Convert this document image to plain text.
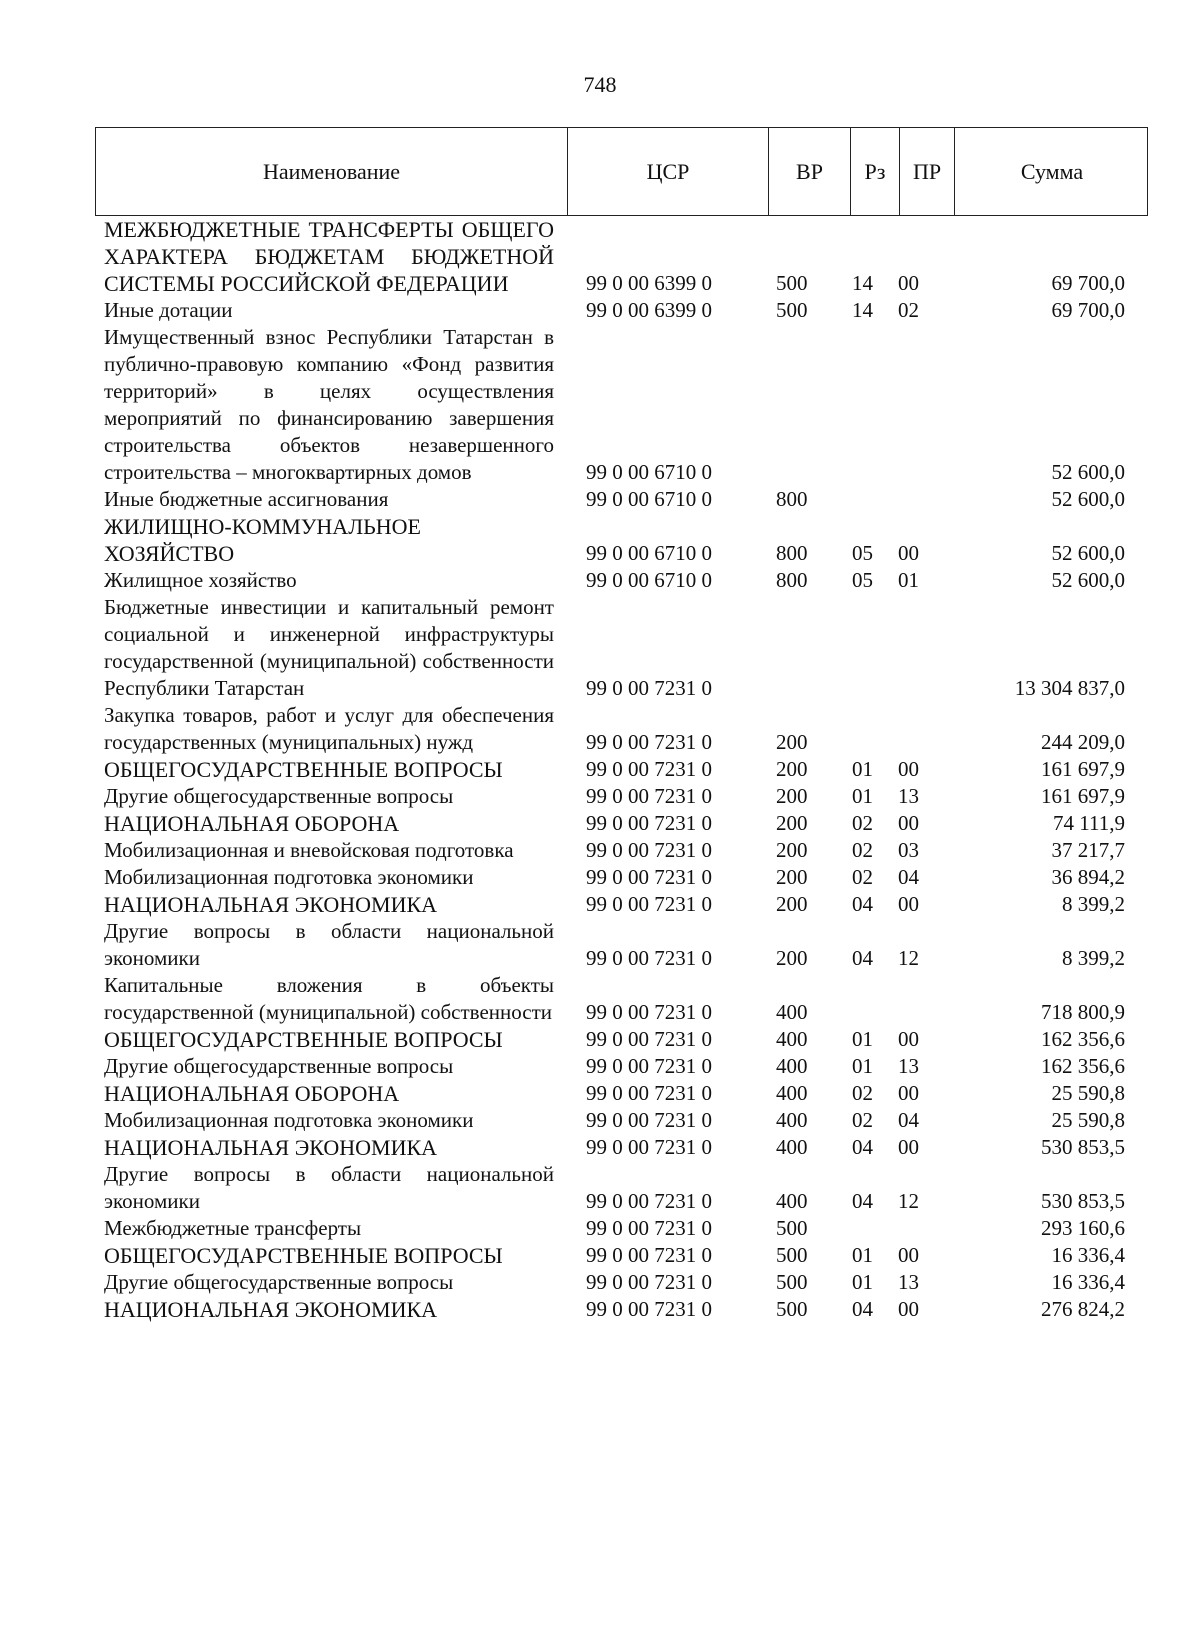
748
Наименование	ЦСР	ВР	Рз	ПР	Сумма
МЕЖБЮДЖЕТНЫЕ ТРАНСФЕРТЫ ОБЩЕГО ХАРАКТЕРА БЮДЖЕТАМ БЮДЖЕТНОЙ СИСТЕМЫ РОССИЙСКОЙ ФЕДЕРАЦИИ	99 0 00 6399 0	500 14 00	69 700,0
Иные дотации	99 0 00 6399 0	500 14 02	69 700,0
Имущественный взнос Республики Татарстан в публично-правовую компанию «Фонд развития территорий» в целях осуществления мероприятий по финансированию завершения строительства объектов незавершенного строительства – многоквартирных домов	99 0 00 6710 0	52 600,0
Иные бюджетные ассигнования	99 0 00 6710 0	800	52 600,0
ЖИЛИЩНО-КОММУНАЛЬНОЕ ХОЗЯЙСТВО	99 0 00 6710 0	800 05 00	52 600,0
Жилищное хозяйство	99 0 00 6710 0	800 05 01	52 600,0
Бюджетные инвестиции и капитальный ремонт социальной и инженерной инфраструктуры государственной (муниципальной) собственности Республики Татарстан	99 0 00 7231 0	13 304 837,0
Закупка товаров, работ и услуг для обеспечения государственных (муниципальных) нужд	99 0 00 7231 0	200	244 209,0
ОБЩЕГОСУДАРСТВЕННЫЕ ВОПРОСЫ	99 0 00 7231 0	200 01 00	161 697,9
Другие общегосударственные вопросы	99 0 00 7231 0	200 01 13	161 697,9
НАЦИОНАЛЬНАЯ ОБОРОНА	99 0 00 7231 0	200 02 00	74 111,9
Мобилизационная и вневойсковая подготовка	99 0 00 7231 0	200 02 03	37 217,7
Мобилизационная подготовка экономики	99 0 00 7231 0	200 02 04	36 894,2
НАЦИОНАЛЬНАЯ ЭКОНОМИКА	99 0 00 7231 0	200 04 00	8 399,2
Другие вопросы в области национальной экономики	99 0 00 7231 0	200 04 12	8 399,2
Капитальные вложения в объекты государственной (муниципальной) собственности 99 0 00 7231 0	400	718 800,9
ОБЩЕГОСУДАРСТВЕННЫЕ ВОПРОСЫ	99 0 00 7231 0	400 01 00	162 356,6
Другие общегосударственные вопросы	99 0 00 7231 0	400 01 13	162 356,6
НАЦИОНАЛЬНАЯ ОБОРОНА	99 0 00 7231 0	400 02 00	25 590,8
Мобилизационная подготовка экономики	99 0 00 7231 0	400 02 04	25 590,8
НАЦИОНАЛЬНАЯ ЭКОНОМИКА	99 0 00 7231 0	400 04 00	530 853,5
Другие вопросы в области национальной экономики	99 0 00 7231 0	400 04 12	530 853,5
Межбюджетные трансферты	99 0 00 7231 0	500	293 160,6
ОБЩЕГОСУДАРСТВЕННЫЕ ВОПРОСЫ	99 0 00 7231 0	500 01 00	16 336,4
Другие общегосударственные вопросы	99 0 00 7231 0	500 01 13	16 336,4
НАЦИОНАЛЬНАЯ ЭКОНОМИКА	99 0 00 7231 0	500 04 00	276 824,2
